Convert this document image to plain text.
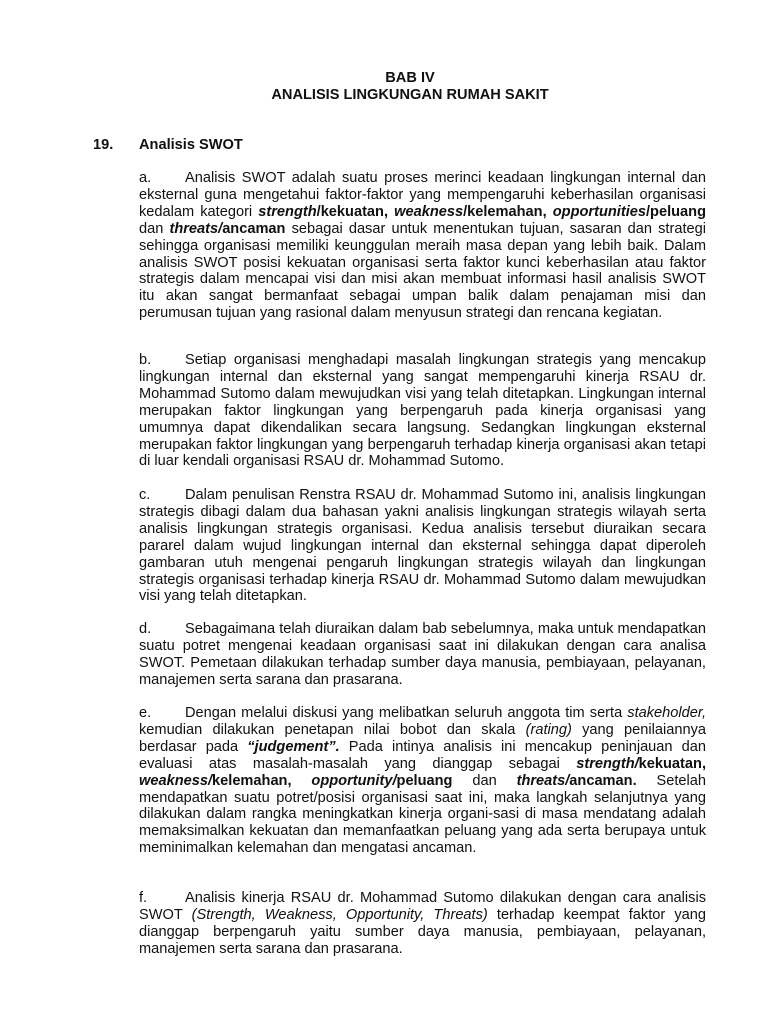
BAB IV
ANALISIS LINGKUNGAN RUMAH SAKIT
19. Analisis SWOT
a. Analisis SWOT adalah suatu proses merinci keadaan lingkungan internal dan eksternal guna mengetahui faktor-faktor yang mempengaruhi keberhasilan organisasi kedalam kategori strength/kekuatan, weakness/kelemahan, opportunities/peluang dan threats/ancaman sebagai dasar untuk menentukan tujuan, sasaran dan strategi sehingga organisasi memiliki keunggulan meraih masa depan yang lebih baik. Dalam analisis SWOT posisi kekuatan organisasi serta faktor kunci keberhasilan atau faktor strategis dalam mencapai visi dan misi akan membuat informasi hasil analisis SWOT itu akan sangat bermanfaat sebagai umpan balik dalam penajaman misi dan perumusan tujuan yang rasional dalam menyusun strategi dan rencana kegiatan.
b. Setiap organisasi menghadapi masalah lingkungan strategis yang mencakup lingkungan internal dan eksternal yang sangat mempengaruhi kinerja RSAU dr. Mohammad Sutomo dalam mewujudkan visi yang telah ditetapkan. Lingkungan internal merupakan faktor lingkungan yang berpengaruh pada kinerja organisasi yang umumnya dapat dikendalikan secara langsung. Sedangkan lingkungan eksternal merupakan faktor lingkungan yang berpengaruh terhadap kinerja organisasi akan tetapi di luar kendali organisasi RSAU dr. Mohammad Sutomo.
c. Dalam penulisan Renstra RSAU dr. Mohammad Sutomo ini, analisis lingkungan strategis dibagi dalam dua bahasan yakni analisis lingkungan strategis wilayah serta analisis lingkungan strategis organisasi. Kedua analisis tersebut diuraikan secara pararel dalam wujud lingkungan internal dan eksternal sehingga dapat diperoleh gambaran utuh mengenai pengaruh lingkungan strategis wilayah dan lingkungan strategis organisasi terhadap kinerja RSAU dr. Mohammad Sutomo dalam mewujudkan visi yang telah ditetapkan.
d. Sebagaimana telah diuraikan dalam bab sebelumnya, maka untuk mendapatkan suatu potret mengenai keadaan organisasi saat ini dilakukan dengan cara analisa SWOT. Pemetaan dilakukan terhadap sumber daya manusia, pembiayaan, pelayanan, manajemen serta sarana dan prasarana.
e. Dengan melalui diskusi yang melibatkan seluruh anggota tim serta stakeholder, kemudian dilakukan penetapan nilai bobot dan skala (rating) yang penilaiannya berdasar pada “judgement”. Pada intinya analisis ini mencakup peninjauan dan evaluasi atas masalah-masalah yang dianggap sebagai strength/kekuatan, weakness/kelemahan, opportunity/peluang dan threats/ancaman. Setelah mendapatkan suatu potret/posisi organisasi saat ini, maka langkah selanjutnya yang dilakukan dalam rangka meningkatkan kinerja organi-sasi di masa mendatang adalah memaksimalkan kekuatan dan memanfaatkan peluang yang ada serta berupaya untuk meminimalkan kelemahan dan mengatasi ancaman.
f.	Analisis kinerja RSAU dr. Mohammad Sutomo dilakukan dengan cara analisis SWOT (Strength, Weakness, Opportunity, Threats) terhadap keempat faktor yang dianggap berpengaruh yaitu sumber daya manusia, pembiayaan, pelayanan, manajemen serta sarana dan prasarana.
